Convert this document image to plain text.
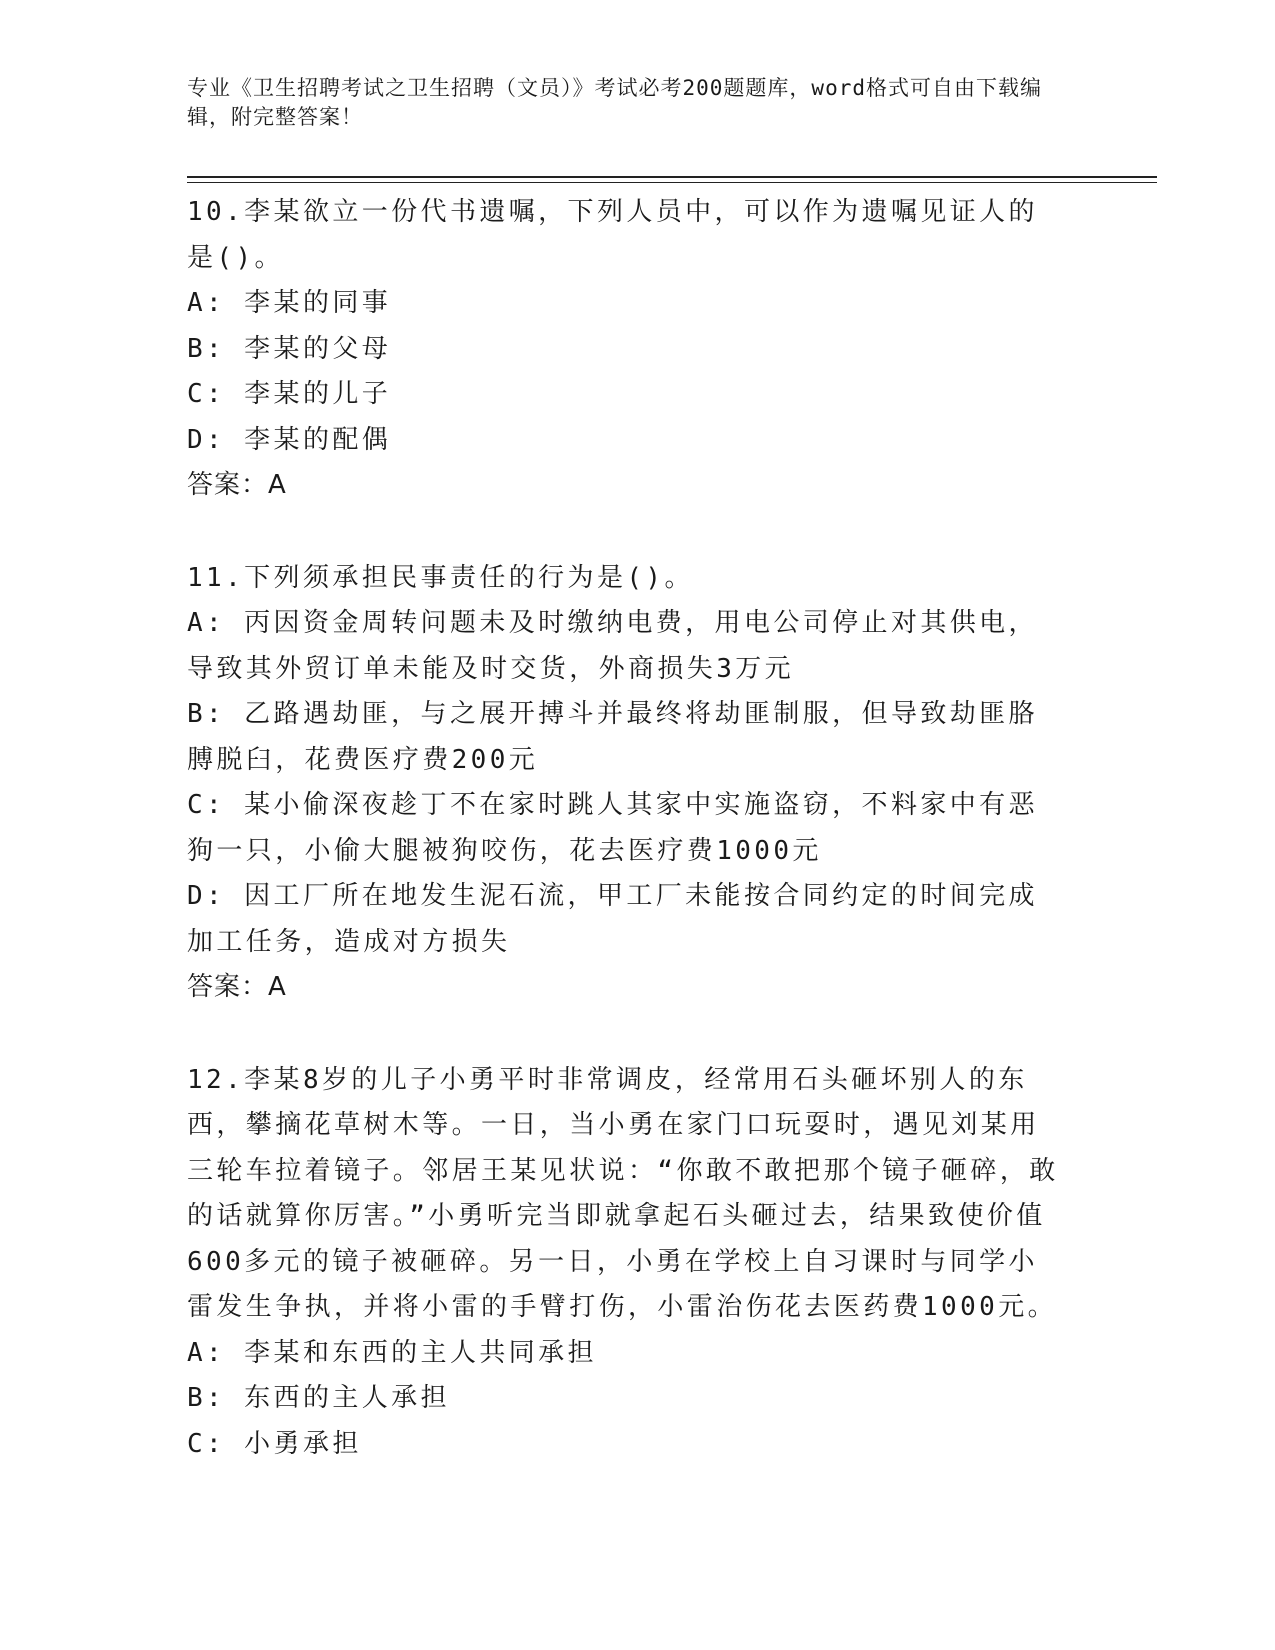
专业《卫生招聘考试之卫生招聘（文员）》考试必考200题题库，word格式可自由下载编辑，附完整答案！

10.李某欲立一份代书遗嘱，下列人员中，可以作为遗嘱见证人的是()。

A: 李某的同事

B: 李某的父母

C: 李某的儿子

D: 李某的配偶

答案：A

11.下列须承担民事责任的行为是()。

A: 丙因资金周转问题未及时缴纳电费，用电公司停止对其供电，导致其外贸订单未能及时交货，外商损失3万元

B: 乙路遇劫匪，与之展开搏斗并最终将劫匪制服，但导致劫匪胳膊脱臼，花费医疗费200元

C: 某小偷深夜趁丁不在家时跳人其家中实施盗窃，不料家中有恶狗一只，小偷大腿被狗咬伤，花去医疗费1000元

D: 因工厂所在地发生泥石流，甲工厂未能按合同约定的时间完成加工任务，造成对方损失

答案：A

12.李某8岁的儿子小勇平时非常调皮，经常用石头砸坏别人的东西，攀摘花草树木等。一日，当小勇在家门口玩耍时，遇见刘某用三轮车拉着镜子。邻居王某见状说：“你敢不敢把那个镜子砸碎，敢的话就算你厉害。”小勇听完当即就拿起石头砸过去，结果致使价值600多元的镜子被砸碎。另一日，小勇在学校上自习课时与同学小雷发生争执，并将小雷的手臂打伤，小雷治伤花去医药费1000元。

A: 李某和东西的主人共同承担

B: 东西的主人承担

C: 小勇承担
